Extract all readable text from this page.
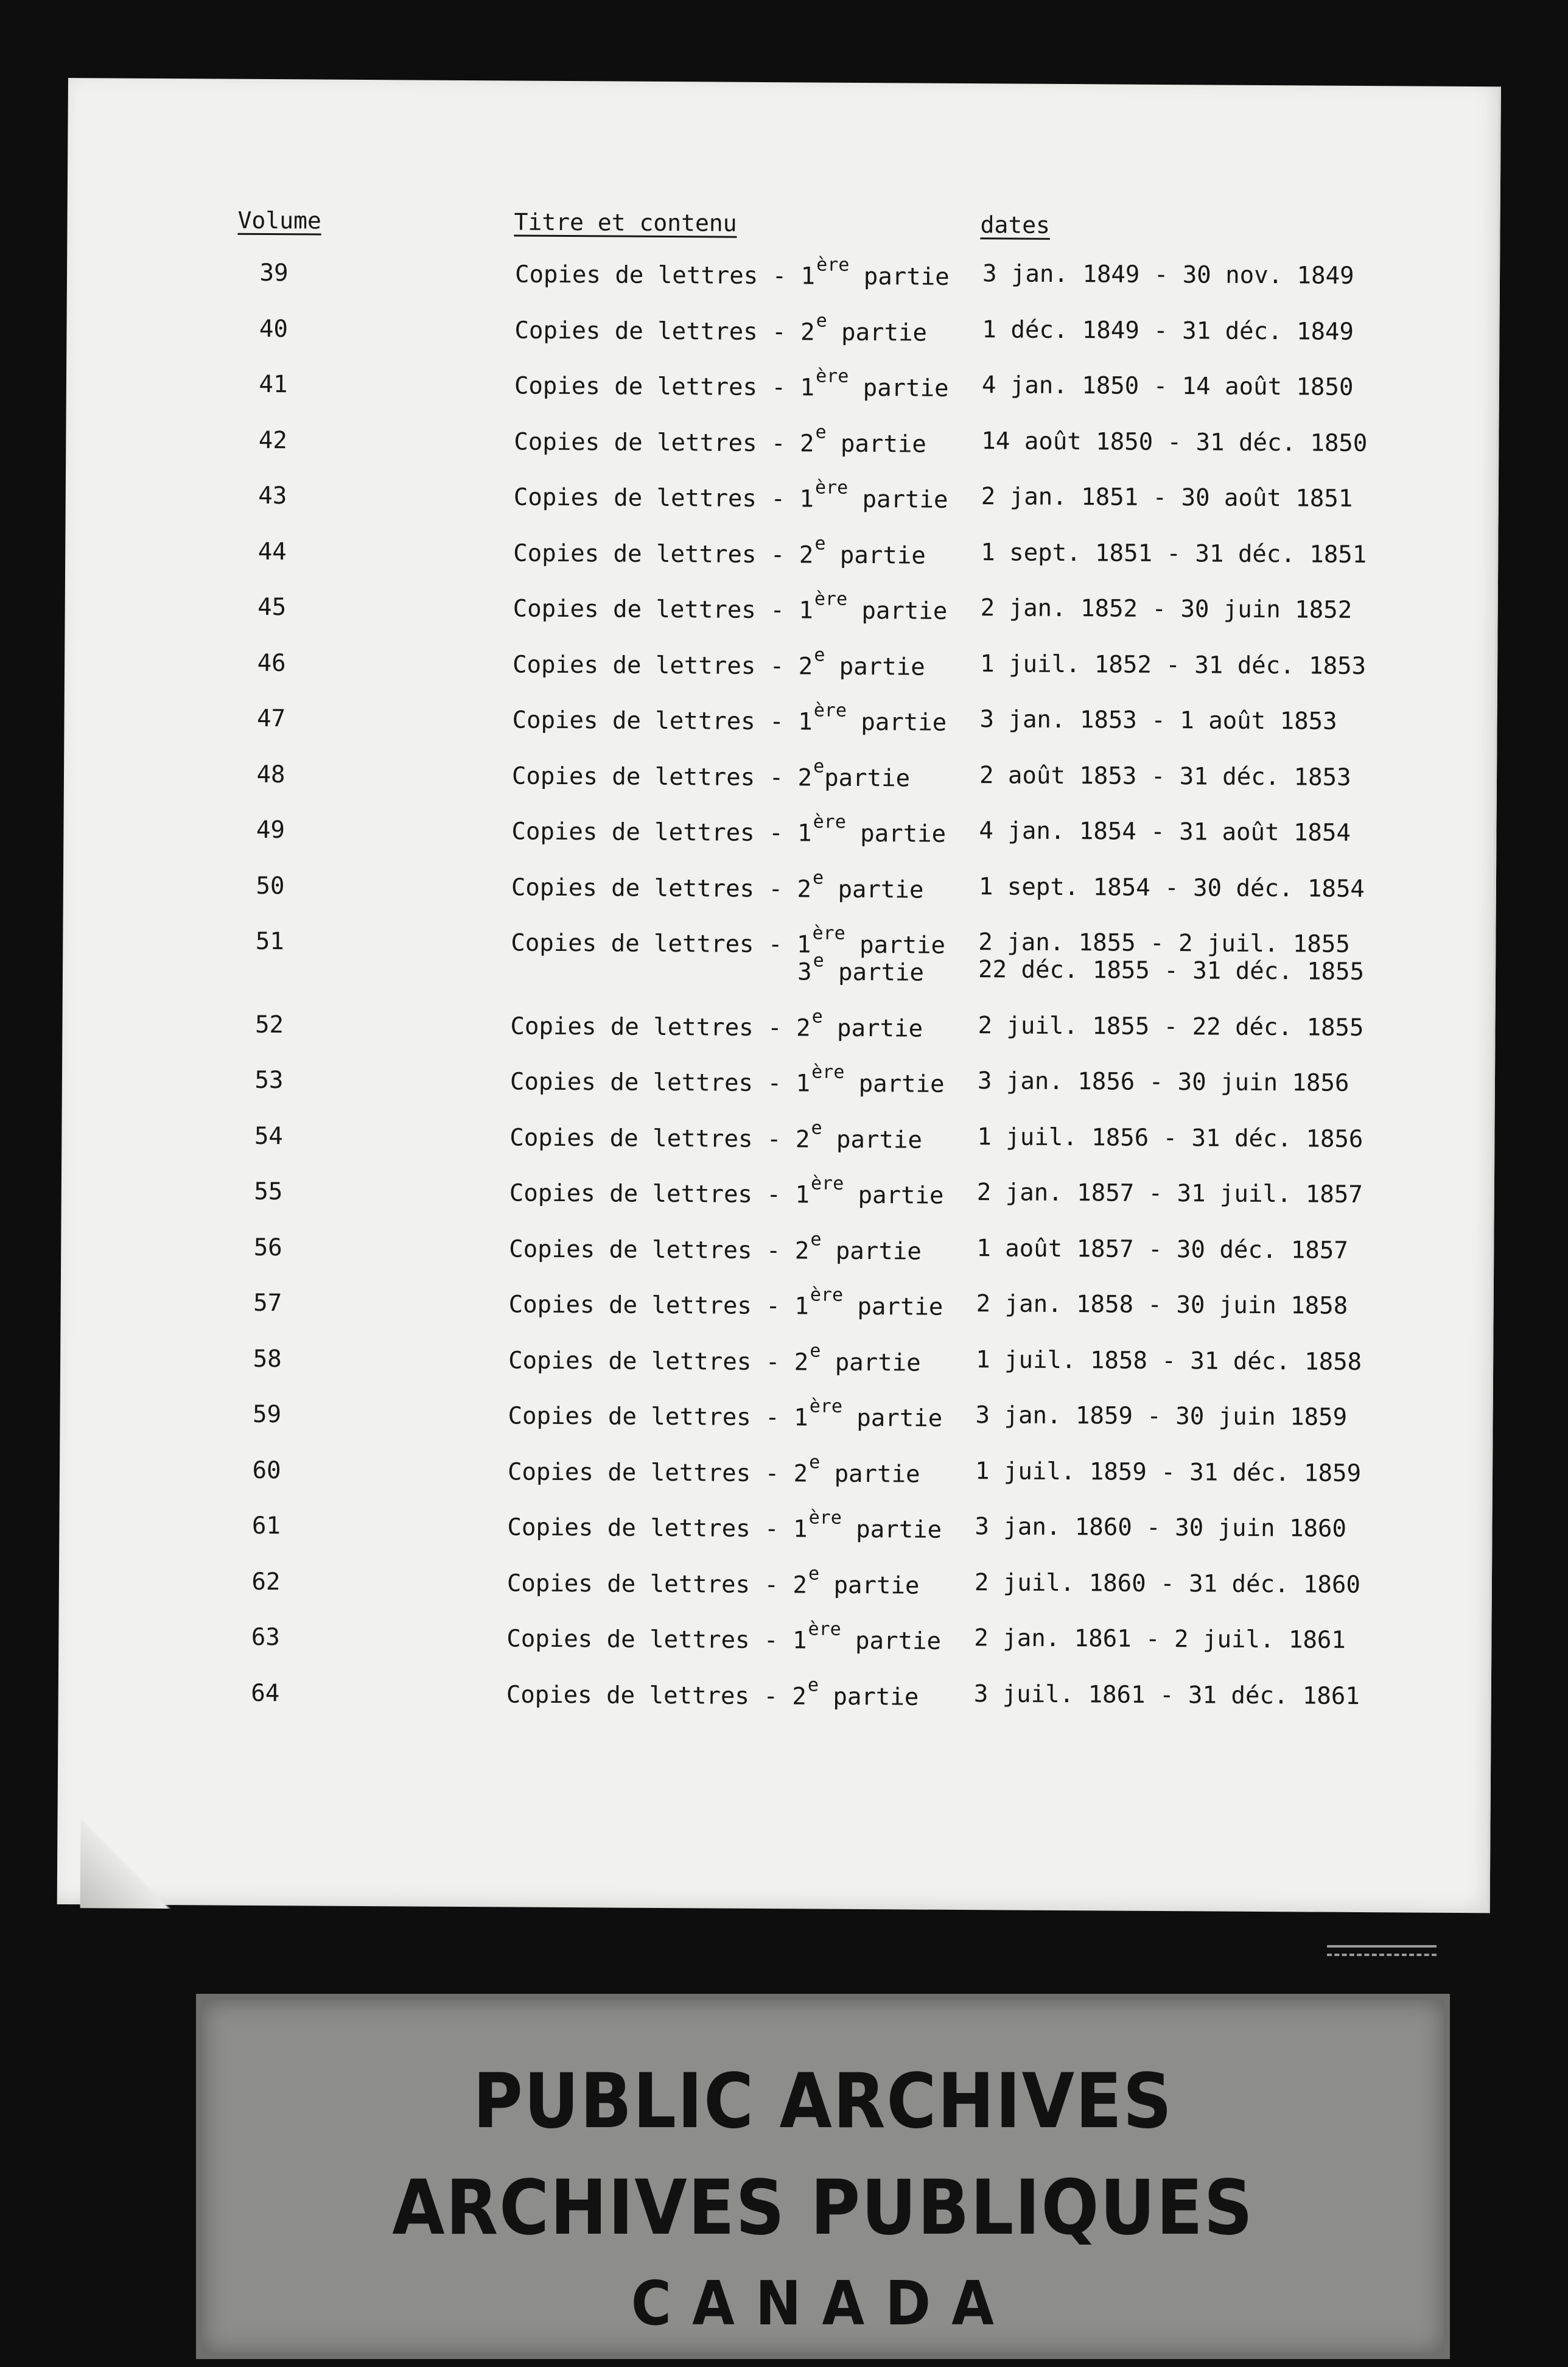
Volume	Titre et contenu	dates
39	Copies de lettres - 1ère partie 3 jan. 1849 - 30 nov. 1849
40	Copies de lettres - 2e partie 1 déc. 1849 - 31 déc. 1849
41	Copies de lettres - 1ère partie 4 jan. 1850 - 14 août 1850
42	Copies de lettres - 2e partie 14 août 1850 - 31 déc. 1850
43	Copies de lettres - 1ère partie 2 jan. 1851 - 30 août 1851
44	Copies de lettres - 2e partie 1 sept. 1851 - 31 déc. 1851
45	Copies de lettres - 1ère partie 2 jan. 1852 - 30 juin 1852
46	Copies de lettres - 2e partie 1 juil. 1852 - 31 déc. 1853
47	Copies de lettres - 1ère partie 3 jan. 1853 - 1 août 1853
48	Copies de lettres - 2epartie	2 août 1853 - 31 déc. 1853
49	Copies de lettres - 1ère partie 4 jan. 1854 - 31 août 1854
50	Copies de lettres - 2e partie 1 sept. 1854 - 30 déc. 1854
51	Copies de lettres - 1ère partie 2 jan. 1855 - 2 juil. 1855
3e partie 22 déc. 1855 - 31 déc. 1855
52	Copies de lettres - 2e partie 2 juil. 1855 - 22 déc. 1855
53	Copies de lettres - 1ère partie 3 jan. 1856 - 30 juin 1856
54	Copies de lettres - 2e partie 1 juil. 1856 - 31 déc. 1856
55	Copies de lettres - 1ère partie 2 jan. 1857 - 31 juil. 1857
56	Copies de lettres - 2e partie 1 août 1857 - 30 déc. 1857
57	Copies de lettres - 1ère partie 2 jan. 1858 - 30 juin 1858
58	Copies de lettres - 2e partie 1 juil. 1858 - 31 déc. 1858
59	Copies de lettres - 1ère partie 3 jan. 1859 - 30 juin 1859
60	Copies de lettres - 2e partie 1 juil. 1859 - 31 déc. 1859
61	Copies de lettres - 1ère partie 3 jan. 1860 - 30 juin 1860
62	Copies de lettres - 2e partie 2 juil. 1860 - 31 déc. 1860
63	Copies de lettres - 1ère partie 2 jan. 1861 - 2 juil. 1861
64	Copies de lettres - 2e partie 3 juil. 1861 - 31 déc. 1861
PUBLIC ARCHIVES
ARCHIVES PUBLIQUES
CANADA
